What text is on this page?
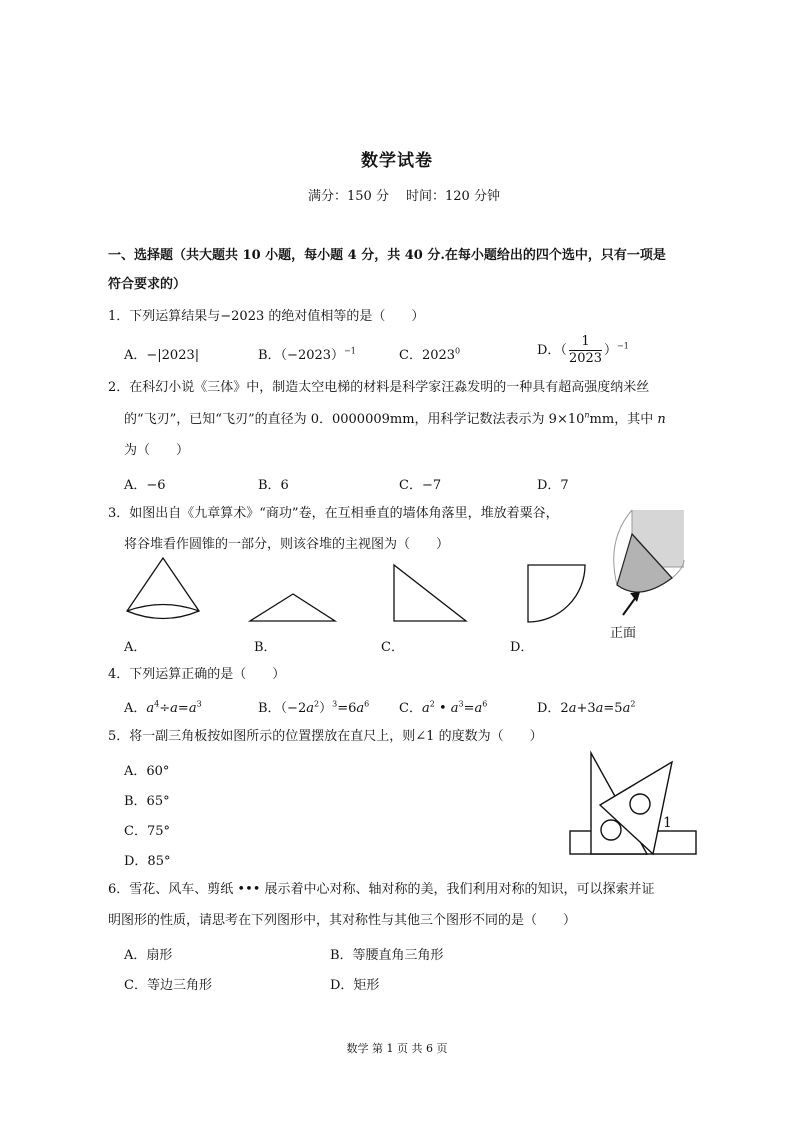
数学试卷
满分：150 分 时间：120 分钟
一、选择题（共大题共 10 小题，每小题 4 分，共 40 分.在每小题给出的四个选中，只有一项是
符合要求的）
1．下列运算结果与−2023 的绝对值相等的是（　　）
A．−|2023|	B．$(-2023)^{-1}$	C．2023$^0$	D．（ $\frac{1}{2023} )^{-1}$
2．在科幻小说《三体》中，制造太空电梯的材料是科学家汪淼发明的一种具有超高强度纳米丝
的“飞刃”，已知“飞刃”的直径为 0．0000009mm，用科学记数法表示为 $9\times 10^nmm$，其中 n
为（　　）
A．−6	B．6	C．−7	D．7
3．如图出自《九章算术》“商功”卷，在互相垂直的墙体角落里，堆放着粟谷，
将谷堆看作圆锥的一部分，则该谷堆的主视图为（　　）
A．	B．	C．	D．
正面
4．下列运算正确的是（　　）
A．$a^4\div a=a^3$	B．$(-2a^2)^3=6a^6$ C．$a^2$ • $a^3=a^6$	D．$2a+3a=5a^2$
5．将一副三角板按如图所示的位置摆放在直尺上，则∠1 的度数为（　　）
A．60°
B．65°
C．75°
D．85°
1
6．雪花、风车、剪纸 ••• 展示着中心对称、轴对称的美，我们利用对称的知识，可以探索并证
明图形的性质，请思考在下列图形中，其对称性与其他三个图形不同的是（　　）
A．扇形	B．等腰直角三角形
C．等边三角形	D．矩形
数学 第 1 页 共 6 页
